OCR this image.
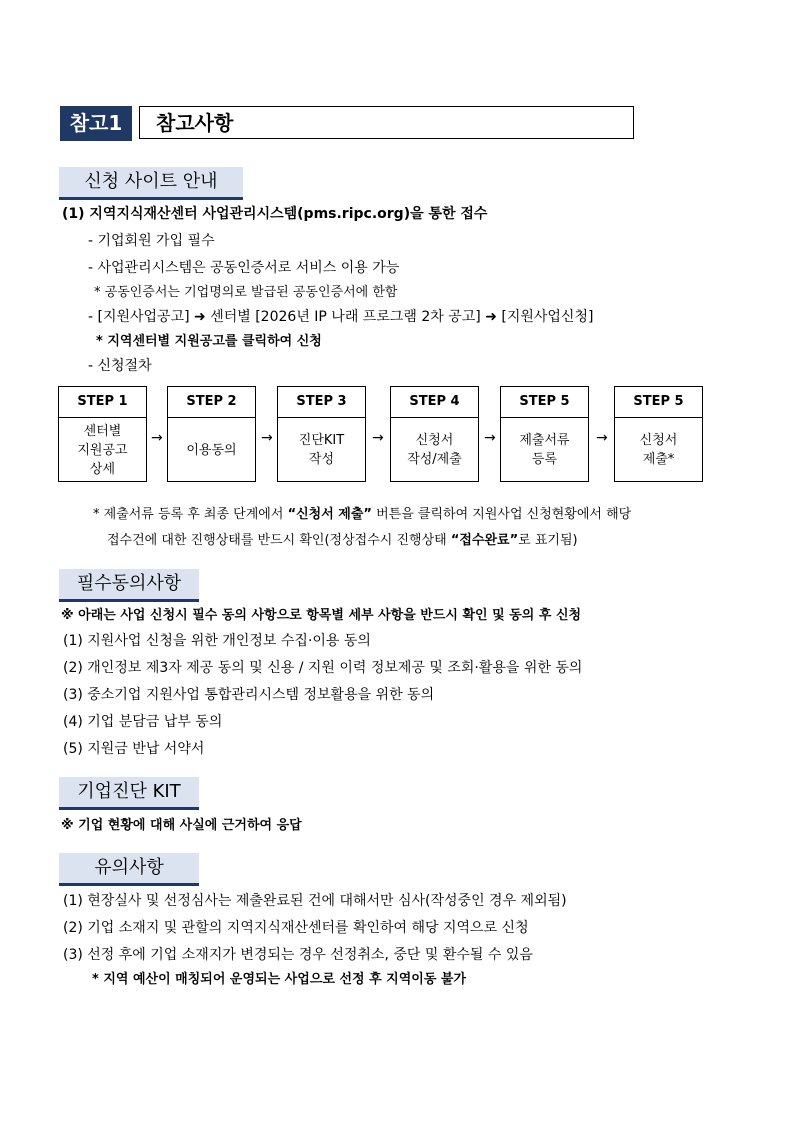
참고1	참고사항
신청 사이트 안내
(1) 지역지식재산센터 사업관리시스템(pms.ripc.org)을 통한 접수
- 기업회원 가입 필수
- 사업관리시스템은 공동인증서로 서비스 이용 가능
* 공동인증서는 기업명의로 발급된 공동인증서에 한함
- [지원사업공고] ➜ 센터별 [2026년 IP 나래 프로그램 2차 공고] ➜ [지원사업신청]
* 지역센터별 지원공고를 클릭하여 신청
- 신청절차
STEP 1
센터별
지원공고
상세
→
STEP 2
이용동의
→
STEP 3
진단KIT
작성
→
STEP 4
신청서
작성/제출
→
STEP 5
제출서류
등록
→
STEP 5
신청서
제출*
* 제출서류 등록 후 최종 단계에서 “신청서 제출” 버튼을 클릭하여 지원사업 신청현황에서 해당
접수건에 대한 진행상태를 반드시 확인(정상접수시 진행상태 “접수완료”로 표기됨)
필수동의사항
※ 아래는 사업 신청시 필수 동의 사항으로 항목별 세부 사항을 반드시 확인 및 동의 후 신청
(1) 지원사업 신청을 위한 개인정보 수집·이용 동의
(2) 개인정보 제3자 제공 동의 및 신용 / 지원 이력 정보제공 및 조회·활용을 위한 동의
(3) 중소기업 지원사업 통합관리시스템 정보활용을 위한 동의
(4) 기업 분담금 납부 동의
(5) 지원금 반납 서약서
기업진단 KIT
※ 기업 현황에 대해 사실에 근거하여 응답
유의사항
(1) 현장실사 및 선정심사는 제출완료된 건에 대해서만 심사(작성중인 경우 제외됨)
(2) 기업 소재지 및 관할의 지역지식재산센터를 확인하여 해당 지역으로 신청
(3) 선정 후에 기업 소재지가 변경되는 경우 선정취소, 중단 및 환수될 수 있음
* 지역 예산이 매칭되어 운영되는 사업으로 선정 후 지역이동 불가
